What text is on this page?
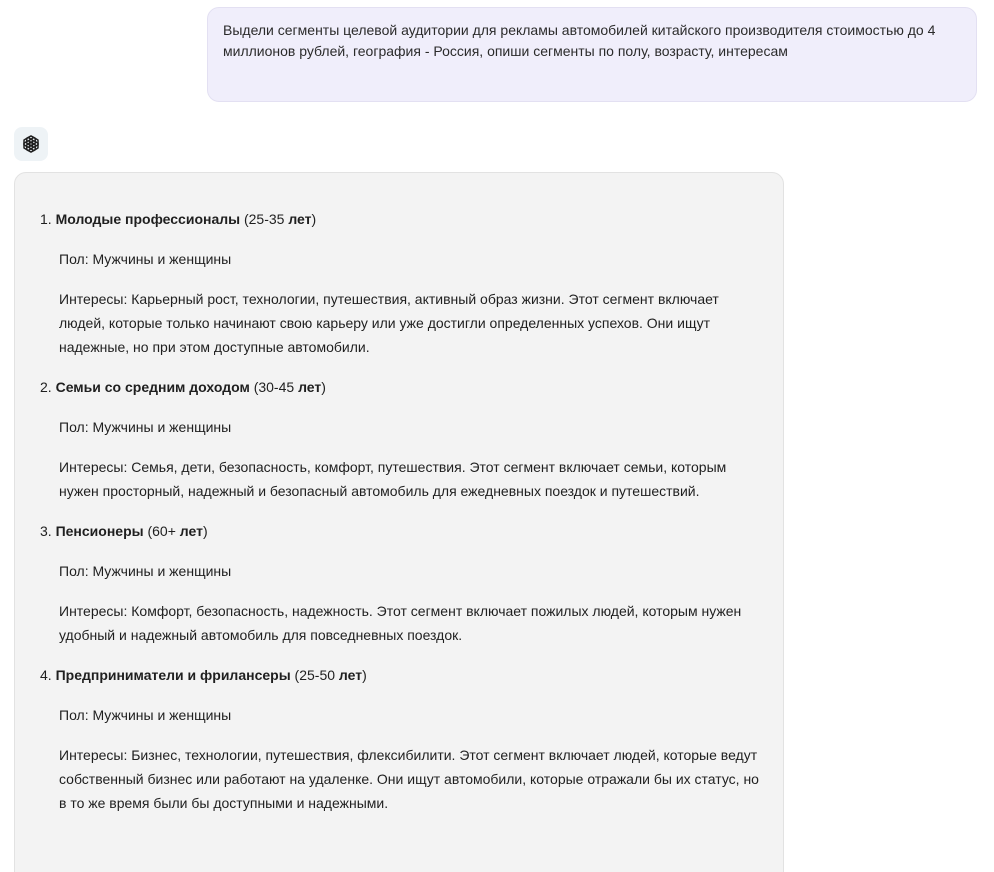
Выдели сегменты целевой аудитории для рекламы автомобилей китайского производителя стоимостью до 4 миллионов рублей, география - Россия, опиши сегменты по полу, возрасту, интересам

1. Молодые профессионалы (25-35 лет)

Пол: Мужчины и женщины

Интересы: Карьерный рост, технологии, путешествия, активный образ жизни. Этот сегмент включает людей, которые только начинают свою карьеру или уже достигли определенных успехов. Они ищут надежные, но при этом доступные автомобили.

2. Семьи со средним доходом (30-45 лет)

Пол: Мужчины и женщины

Интересы: Семья, дети, безопасность, комфорт, путешествия. Этот сегмент включает семьи, которым нужен просторный, надежный и безопасный автомобиль для ежедневных поездок и путешествий.

3. Пенсионеры (60+ лет)

Пол: Мужчины и женщины

Интересы: Комфорт, безопасность, надежность. Этот сегмент включает пожилых людей, которым нужен удобный и надежный автомобиль для повседневных поездок.

4. Предприниматели и фрилансеры (25-50 лет)

Пол: Мужчины и женщины

Интересы: Бизнес, технологии, путешествия, флексибилити. Этот сегмент включает людей, которые ведут собственный бизнес или работают на удаленке. Они ищут автомобили, которые отражали бы их статус, но в то же время были бы доступными и надежными.
